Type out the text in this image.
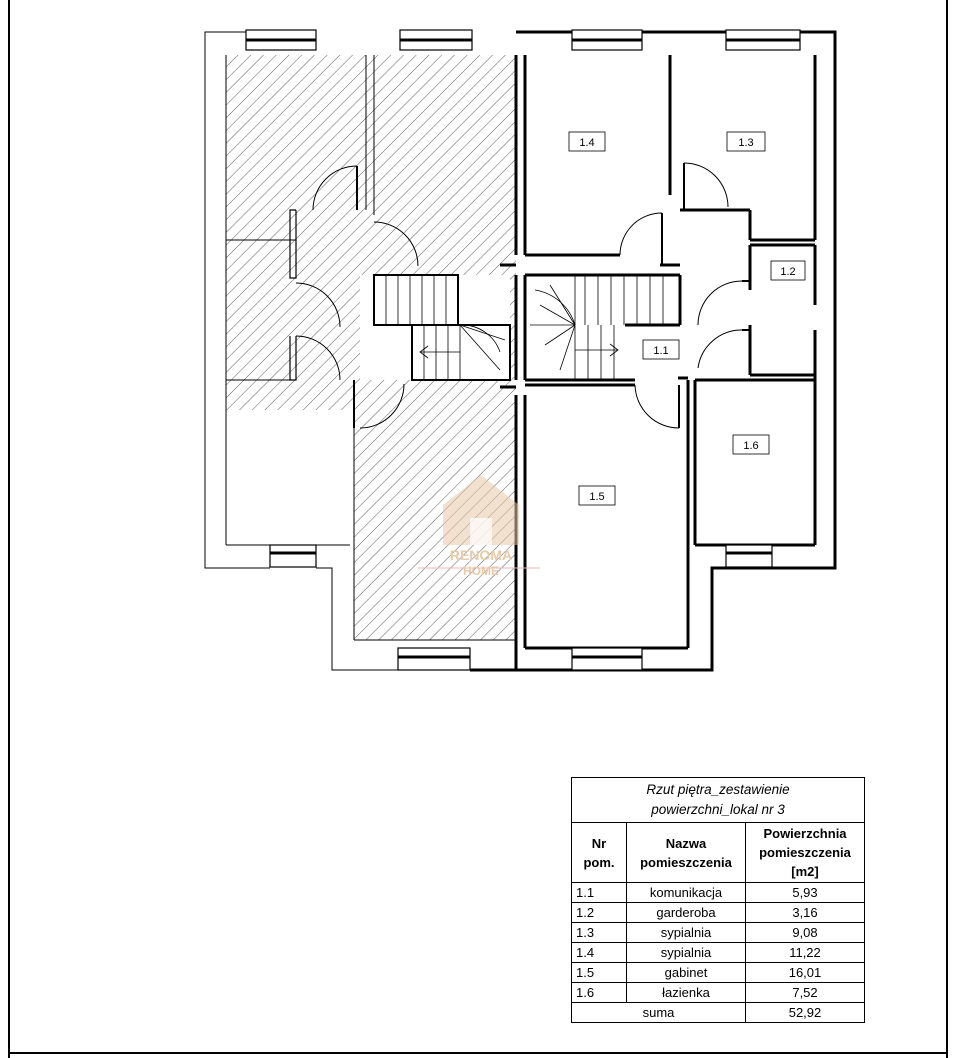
RENOMA
HOME
1.4	1.3
1.2
1.1
1.6
1.5
Rzut piętra_zestawienie
powierzchni_lokal nr 3		
Nr
pom.	Nazwa
pomieszczenia	Powierzchnia
pomieszczenia
[m2]
1.1	komunikacja	5,93
1.2	garderoba	3,16
1.3	sypialnia	9,08
1.4	sypialnia	11,22
1.5	gabinet	16,01
1.6	łazienka	7,52
suma		52,92
